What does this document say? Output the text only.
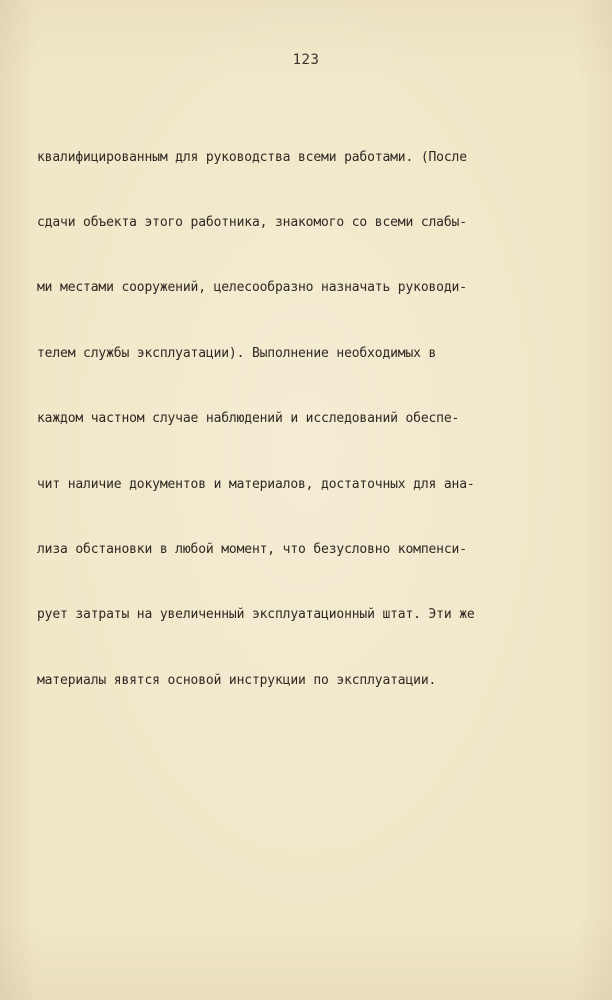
123

квалифицированным для руководства всеми работами. (После

сдачи объекта этого работника, знакомого со всеми слабы-

ми местами сооружений, целесообразно назначать руководи-

телем службы эксплуатации). Выполнение необходимых в

каждом частном случае наблюдений и исследований обеспе-

чит наличие документов и материалов, достаточных для ана-

лиза обстановки в любой момент, что безусловно компенси-

рует затраты на увеличенный эксплуатационный штат. Эти же

материалы явятся основой инструкции по эксплуатации.
